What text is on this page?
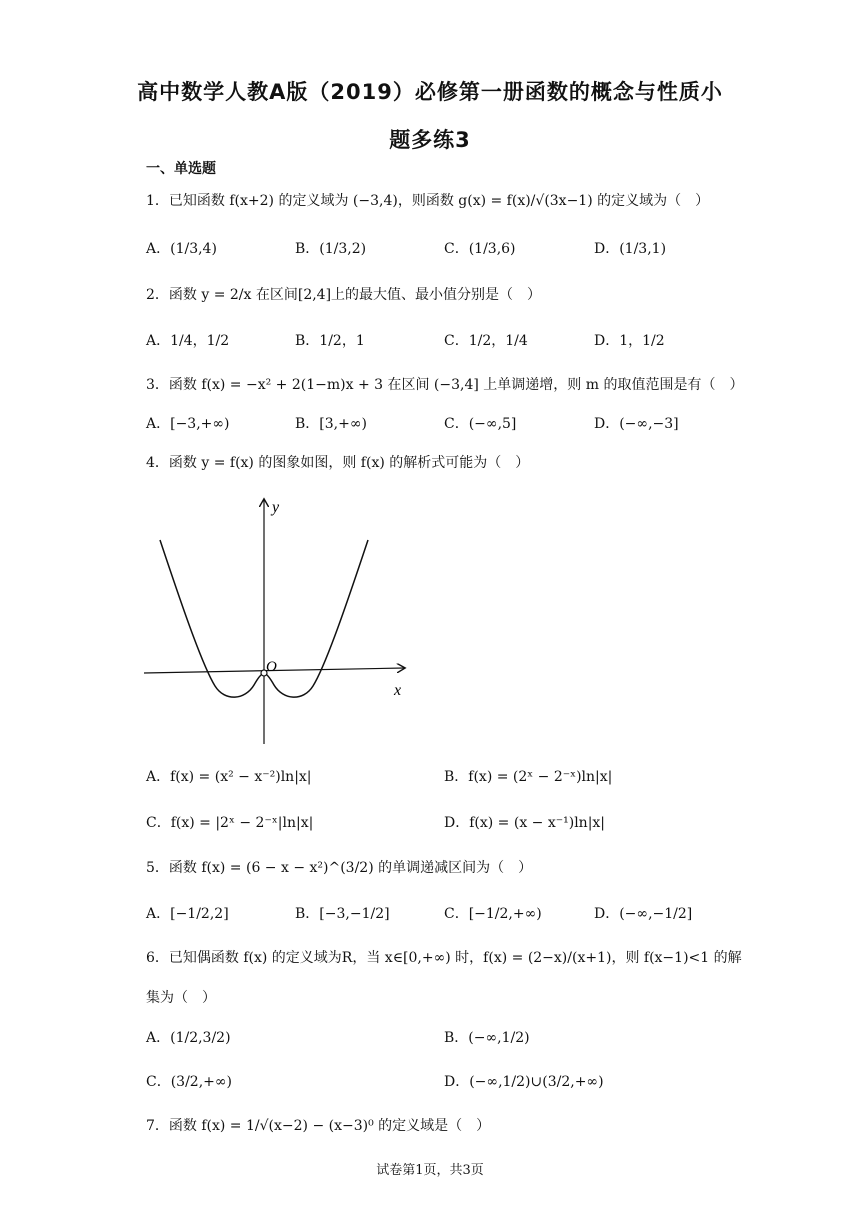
高中数学人教A版（2019）必修第一册函数的概念与性质小
题多练3
一、单选题
1．已知函数 f(x+2) 的定义域为 (−3,4)，则函数 g(x) = f(x)/√(3x−1) 的定义域为（　）
A．(1/3,4)	B．(1/3,2)	C．(1/3,6)	D．(1/3,1)
2．函数 y = 2/x 在区间[2,4]上的最大值、最小值分别是（　）
A．1/4，1/2	B．1/2，1	C．1/2，1/4	D．1，1/2
3．函数 f(x) = −x² + 2(1−m)x + 3 在区间 (−3,4] 上单调递增，则 m 的取值范围是有（　）
A．[−3,+∞)	B．[3,+∞)	C．(−∞,5]	D．(−∞,−3]
4．函数 y = f(x) 的图象如图，则 f(x) 的解析式可能为（　）
y
x
O
A．f(x) = (x² − x⁻²)ln|x|	B．f(x) = (2ˣ − 2⁻ˣ)ln|x|
C．f(x) = |2ˣ − 2⁻ˣ|ln|x|	D．f(x) = (x − x⁻¹)ln|x|
5．函数 f(x) = (6 − x − x²)^(3/2) 的单调递减区间为（　）
A．[−1/2,2]	B．[−3,−1/2]	C．[−1/2,+∞)	D．(−∞,−1/2]
6．已知偶函数 f(x) 的定义域为R，当 x∈[0,+∞) 时，f(x) = (2−x)/(x+1)，则 f(x−1)<1 的解
集为（　）
A．(1/2,3/2)	B．(−∞,1/2)
C．(3/2,+∞)	D．(−∞,1/2)∪(3/2,+∞)
7．函数 f(x) = 1/√(x−2) − (x−3)⁰ 的定义域是（　）
试卷第1页，共3页
